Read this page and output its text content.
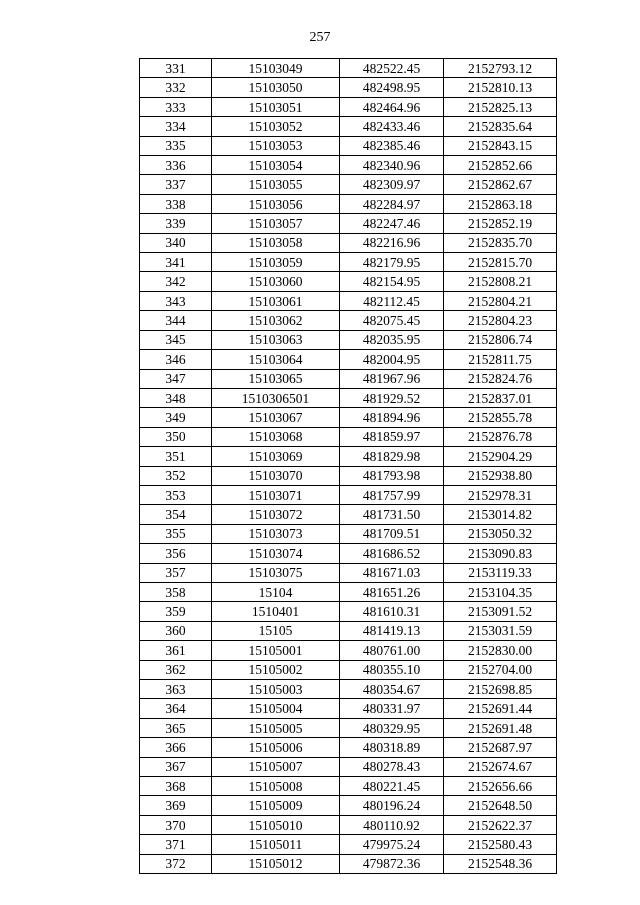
257
331	15103049	482522.45	2152793.12
332	15103050	482498.95	2152810.13
333	15103051	482464.96	2152825.13
334	15103052	482433.46	2152835.64
335	15103053	482385.46	2152843.15
336	15103054	482340.96	2152852.66
337	15103055	482309.97	2152862.67
338	15103056	482284.97	2152863.18
339	15103057	482247.46	2152852.19
340	15103058	482216.96	2152835.70
341	15103059	482179.95	2152815.70
342	15103060	482154.95	2152808.21
343	15103061	482112.45	2152804.21
344	15103062	482075.45	2152804.23
345	15103063	482035.95	2152806.74
346	15103064	482004.95	2152811.75
347	15103065	481967.96	2152824.76
348	1510306501	481929.52	2152837.01
349	15103067	481894.96	2152855.78
350	15103068	481859.97	2152876.78
351	15103069	481829.98	2152904.29
352	15103070	481793.98	2152938.80
353	15103071	481757.99	2152978.31
354	15103072	481731.50	2153014.82
355	15103073	481709.51	2153050.32
356	15103074	481686.52	2153090.83
357	15103075	481671.03	2153119.33
358	15104	481651.26	2153104.35
359	1510401	481610.31	2153091.52
360	15105	481419.13	2153031.59
361	15105001	480761.00	2152830.00
362	15105002	480355.10	2152704.00
363	15105003	480354.67	2152698.85
364	15105004	480331.97	2152691.44
365	15105005	480329.95	2152691.48
366	15105006	480318.89	2152687.97
367	15105007	480278.43	2152674.67
368	15105008	480221.45	2152656.66
369	15105009	480196.24	2152648.50
370	15105010	480110.92	2152622.37
371	15105011	479975.24	2152580.43
372	15105012	479872.36	2152548.36
